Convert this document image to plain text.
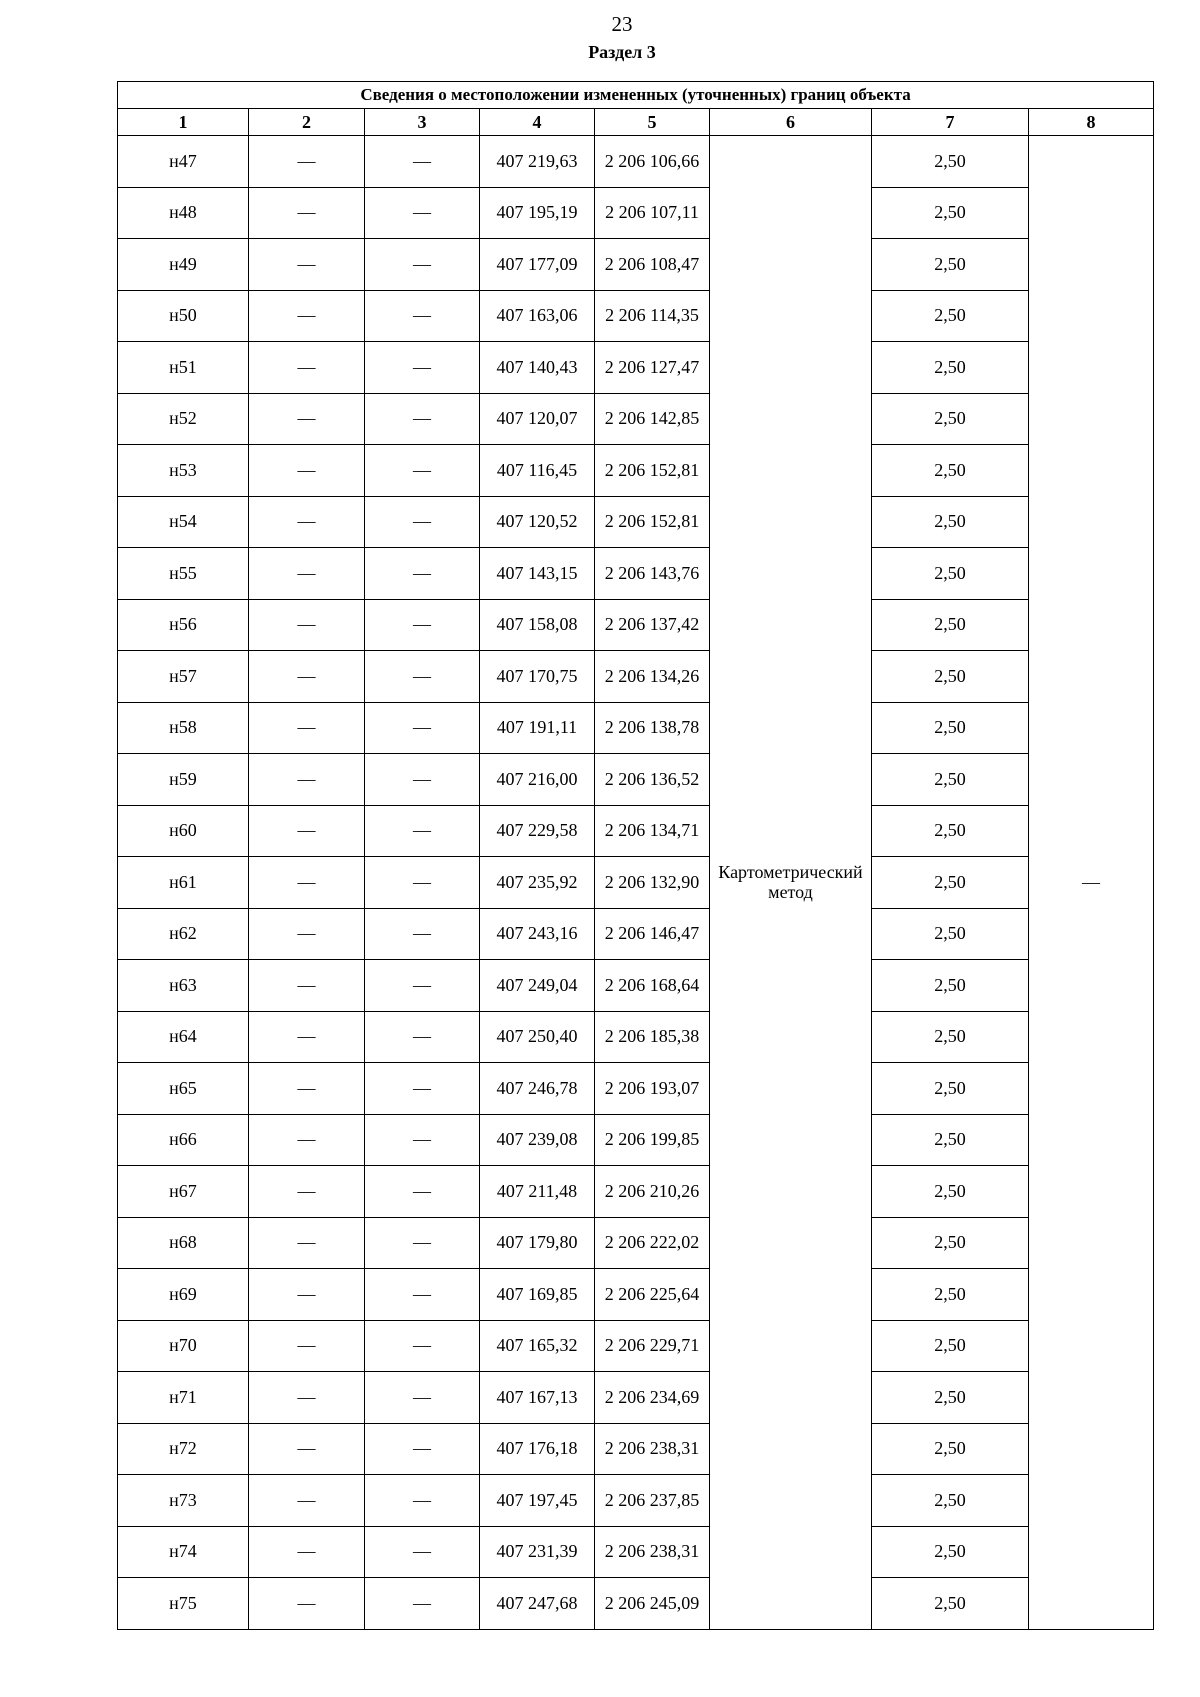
23
Раздел 3
Сведения о местоположении измененных (уточненных) границ объекта							
1	2	3	4	5	6	7	8
н47	—	—	407 219,63	2 206 106,66	Картометрический метод	2,50	—
н48	—	—	407 195,19	2 206 107,11		2,50	
н49	—	—	407 177,09	2 206 108,47		2,50	
н50	—	—	407 163,06	2 206 114,35		2,50	
н51	—	—	407 140,43	2 206 127,47		2,50	
н52	—	—	407 120,07	2 206 142,85		2,50	
н53	—	—	407 116,45	2 206 152,81		2,50	
н54	—	—	407 120,52	2 206 152,81		2,50	
н55	—	—	407 143,15	2 206 143,76		2,50	
н56	—	—	407 158,08	2 206 137,42		2,50	
н57	—	—	407 170,75	2 206 134,26		2,50	
н58	—	—	407 191,11	2 206 138,78		2,50	
н59	—	—	407 216,00	2 206 136,52		2,50	
н60	—	—	407 229,58	2 206 134,71		2,50	
н61	—	—	407 235,92	2 206 132,90		2,50	
н62	—	—	407 243,16	2 206 146,47		2,50	
н63	—	—	407 249,04	2 206 168,64		2,50	
н64	—	—	407 250,40	2 206 185,38		2,50	
н65	—	—	407 246,78	2 206 193,07		2,50	
н66	—	—	407 239,08	2 206 199,85		2,50	
н67	—	—	407 211,48	2 206 210,26		2,50	
н68	—	—	407 179,80	2 206 222,02		2,50	
н69	—	—	407 169,85	2 206 225,64		2,50	
н70	—	—	407 165,32	2 206 229,71		2,50	
н71	—	—	407 167,13	2 206 234,69		2,50	
н72	—	—	407 176,18	2 206 238,31		2,50	
н73	—	—	407 197,45	2 206 237,85		2,50	
н74	—	—	407 231,39	2 206 238,31		2,50	
н75	—	—	407 247,68	2 206 245,09		2,50	
